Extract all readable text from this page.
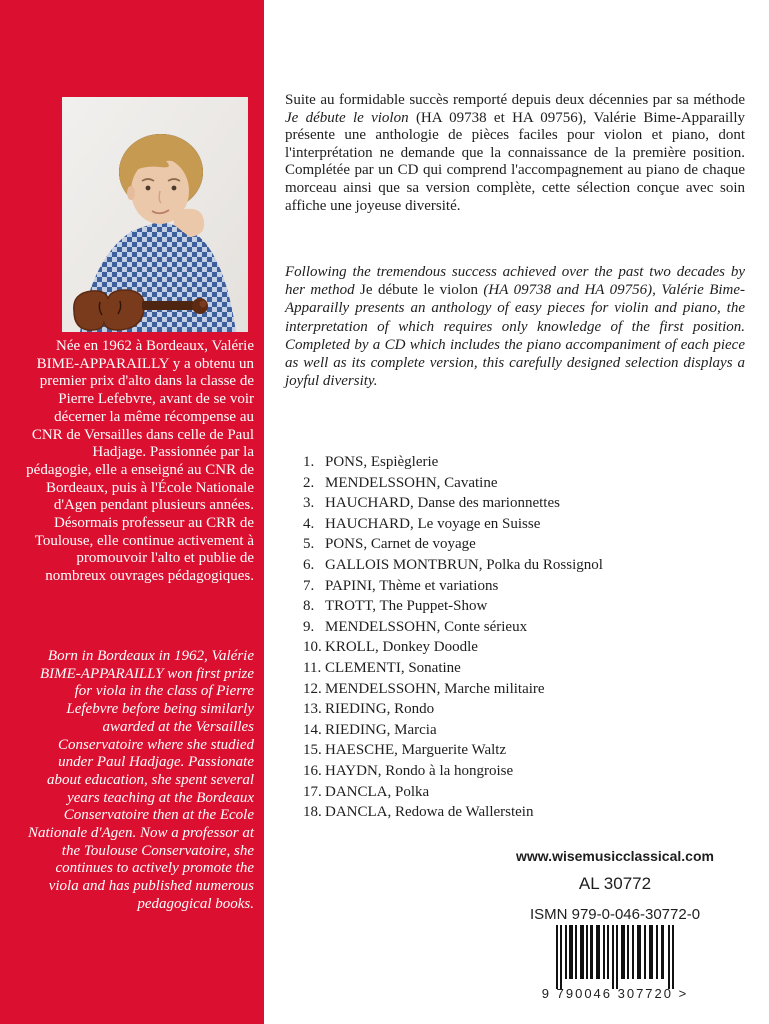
Née en 1962 à Bordeaux, Valérie BIME-APPARAILLY y a obtenu un premier prix d'alto dans la classe de Pierre Lefebvre, avant de se voir décerner la même récompense au CNR de Versailles dans celle de Paul Hadjage. Passionnée par la pédagogie, elle a enseigné au CNR de Bordeaux, puis à l'École Nationale d'Agen pendant plusieurs années. Désormais professeur au CRR de Toulouse, elle continue activement à promouvoir l'alto et publie de nombreux ouvrages pédagogiques.

Born in Bordeaux in 1962, Valérie BIME-APPARAILLY won first prize for viola in the class of Pierre Lefebvre before being similarly awarded at the Versailles Conservatoire where she studied under Paul Hadjage. Passionate about education, she spent several years teaching at the Bordeaux Conservatoire then at the Ecole Nationale d'Agen. Now a professor at the Toulouse Conservatoire, she continues to actively promote the viola and has published numerous pedagogical books.

Suite au formidable succès remporté depuis deux décennies par sa méthode Je débute le violon (HA 09738 et HA 09756), Valérie Bime-Apparailly présente une anthologie de pièces faciles pour violon et piano, dont l'interprétation ne demande que la connaissance de la première position. Complétée par un CD qui comprend l'accompagnement au piano de chaque morceau ainsi que sa version complète, cette sélection conçue avec soin affiche une joyeuse diversité.

Following the tremendous success achieved over the past two decades by her method Je débute le violon (HA 09738 and HA 09756), Valérie Bime-Apparailly presents an anthology of easy pieces for violin and piano, the interpretation of which requires only knowledge of the first position. Completed by a CD which includes the piano accompaniment of each piece as well as its complete version, this carefully designed selection displays a joyful diversity.

1. PONS, Espièglerie
2. MENDELSSOHN, Cavatine
3. HAUCHARD, Danse des marionnettes
4. HAUCHARD, Le voyage en Suisse
5. PONS, Carnet de voyage
6. GALLOIS MONTBRUN, Polka du Rossignol
7. PAPINI, Thème et variations
8. TROTT, The Puppet-Show
9. MENDELSSOHN, Conte sérieux
10. KROLL, Donkey Doodle
11. CLEMENTI, Sonatine
12. MENDELSSOHN, Marche militaire
13. RIEDING, Rondo
14. RIEDING, Marcia
15. HAESCHE, Marguerite Waltz
16. HAYDN, Rondo à la hongroise
17. DANCLA, Polka
18. DANCLA, Redowa de Wallerstein
www.wisemusicclassical.com
AL 30772
ISMN 979-0-046-30772-0
9 790046 307720 >
